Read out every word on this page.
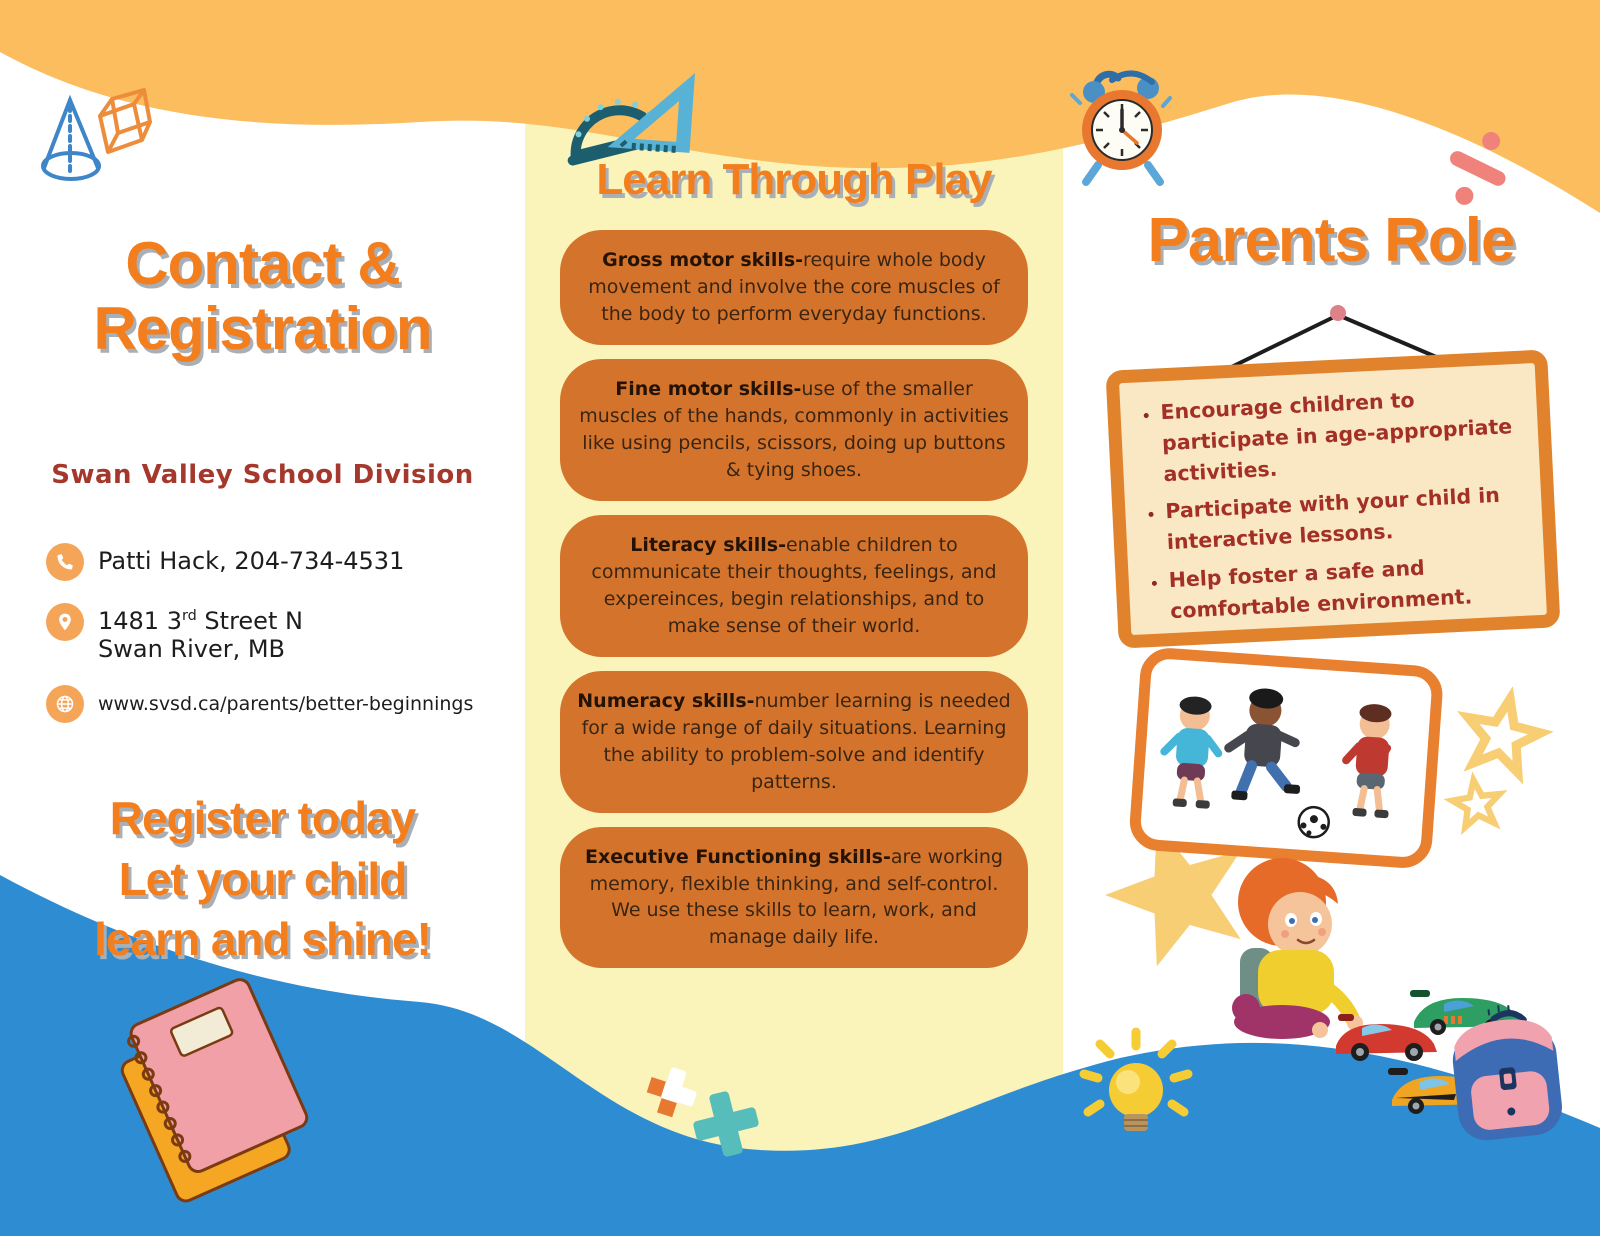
Contact &
Registration
Swan Valley School Division
Patti Hack, 204-734-4531
1481 3rd Street N
Swan River, MB
www.svsd.ca/parents/better-beginnings
Register today
Let your child
learn and shine!
Learn Through Play
Gross motor skills-require whole body movement and involve the core muscles of the body to perform everyday functions.
Fine motor skills-use of the smaller muscles of the hands, commonly in activities like using pencils, scissors, doing up buttons & tying shoes.
Literacy skills-enable children to communicate their thoughts, feelings, and expereinces, begin relationships, and to make sense of their world.
Numeracy skills-number learning is needed for a wide range of daily situations. Learning the ability to problem-solve and identify patterns.
Executive Functioning skills-are working memory, flexible thinking, and self-control. We use these skills to learn, work, and manage daily life.
Parents Role
• Encourage children to participate in age-appropriate activities.
• Participate with your child in interactive lessons.
• Help foster a safe and comfortable environment.
